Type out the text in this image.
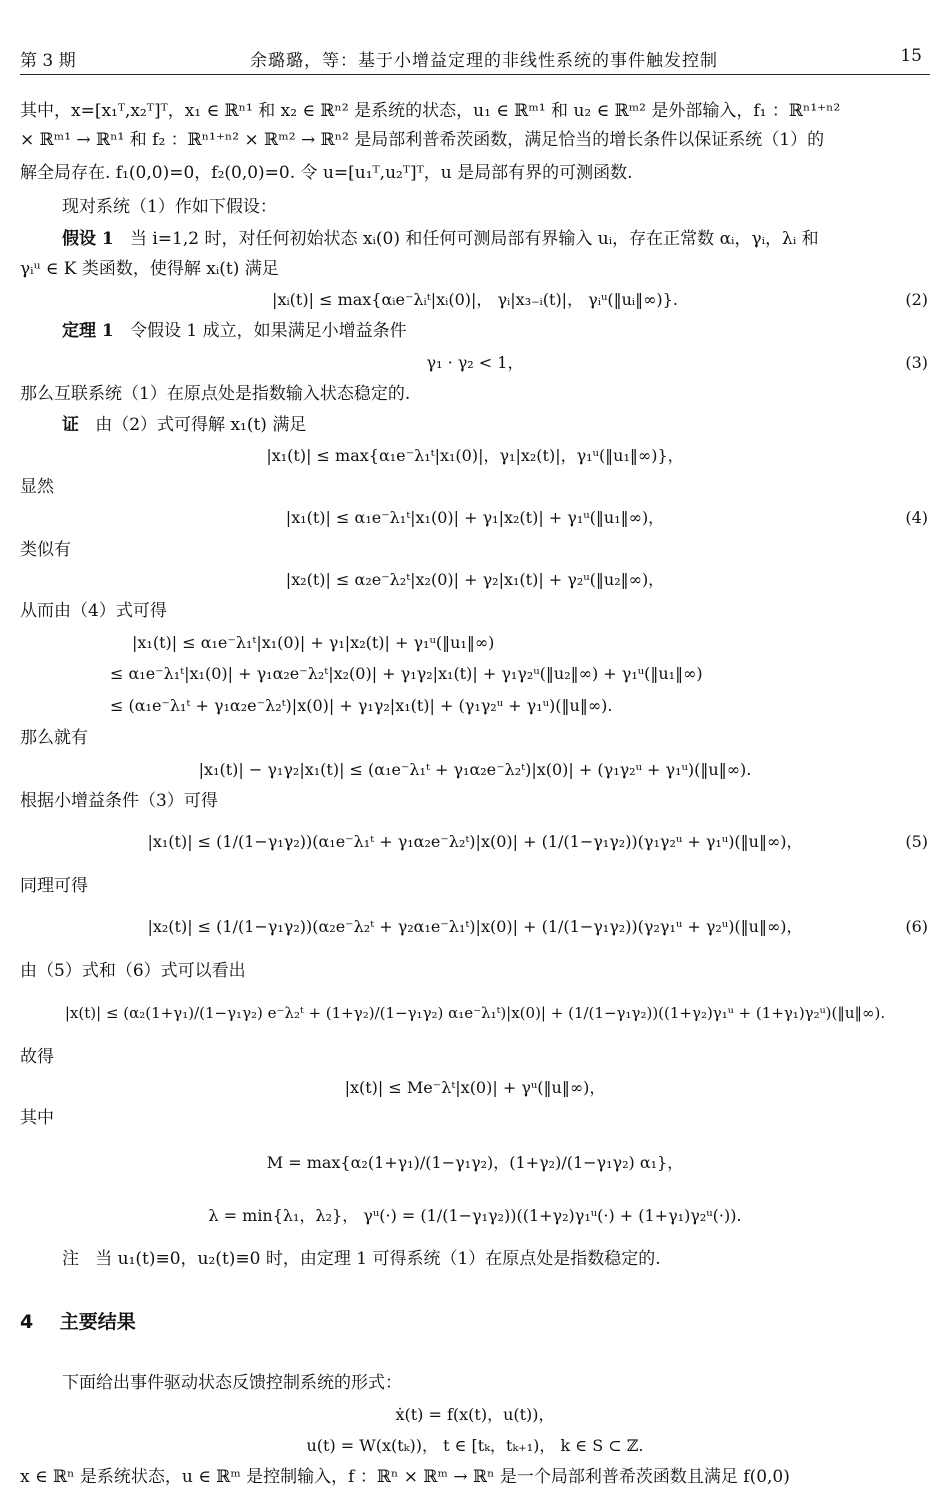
第 3 期	余璐璐，等：基于小增益定理的非线性系统的事件触发控制	15
其中，x=[x₁ᵀ,x₂ᵀ]ᵀ，x₁ ∈ ℝⁿ¹ 和 x₂ ∈ ℝⁿ² 是系统的状态，u₁ ∈ ℝᵐ¹ 和 u₂ ∈ ℝᵐ² 是外部输入，f₁ ：ℝⁿ¹⁺ⁿ²
× ℝᵐ¹ → ℝⁿ¹ 和 f₂ ：ℝⁿ¹⁺ⁿ² × ℝᵐ² → ℝⁿ² 是局部利普希茨函数，满足恰当的增长条件以保证系统（1）的
解全局存在. f₁(0,0)=0，f₂(0,0)=0. 令 u=[u₁ᵀ,u₂ᵀ]ᵀ，u 是局部有界的可测函数.
现对系统（1）作如下假设：
假设 1 当 i=1,2 时，对任何初始状态 xᵢ(0) 和任何可测局部有界输入 uᵢ，存在正常数 αᵢ，γᵢ，λᵢ 和
γᵢᵘ ∈ K 类函数，使得解 xᵢ(t) 满足
|xᵢ(t)| ≤ max{αᵢe⁻λᵢᵗ|xᵢ(0)|， γᵢ|x₃₋ᵢ(t)|， γᵢᵘ(‖uᵢ‖∞)}.	(2)
定理 1 令假设 1 成立，如果满足小增益条件
γ₁ · γ₂ < 1，	(3)
那么互联系统（1）在原点处是指数输入状态稳定的.
证 由（2）式可得解 x₁(t) 满足
|x₁(t)| ≤ max{α₁e⁻λ₁ᵗ|x₁(0)|，γ₁|x₂(t)|，γ₁ᵘ(‖u₁‖∞)}，
显然
|x₁(t)| ≤ α₁e⁻λ₁ᵗ|x₁(0)| + γ₁|x₂(t)| + γ₁ᵘ(‖u₁‖∞)，	(4)
类似有
|x₂(t)| ≤ α₂e⁻λ₂ᵗ|x₂(0)| + γ₂|x₁(t)| + γ₂ᵘ(‖u₂‖∞)，
从而由（4）式可得
|x₁(t)| ≤ α₁e⁻λ₁ᵗ|x₁(0)| + γ₁|x₂(t)| + γ₁ᵘ(‖u₁‖∞)
≤ α₁e⁻λ₁ᵗ|x₁(0)| + γ₁α₂e⁻λ₂ᵗ|x₂(0)| + γ₁γ₂|x₁(t)| + γ₁γ₂ᵘ(‖u₂‖∞) + γ₁ᵘ(‖u₁‖∞)
≤ (α₁e⁻λ₁ᵗ + γ₁α₂e⁻λ₂ᵗ)|x(0)| + γ₁γ₂|x₁(t)| + (γ₁γ₂ᵘ + γ₁ᵘ)(‖u‖∞).
那么就有
|x₁(t)| − γ₁γ₂|x₁(t)| ≤ (α₁e⁻λ₁ᵗ + γ₁α₂e⁻λ₂ᵗ)|x(0)| + (γ₁γ₂ᵘ + γ₁ᵘ)(‖u‖∞).
根据小增益条件（3）可得
|x₁(t)| ≤ (1/(1−γ₁γ₂))(α₁e⁻λ₁ᵗ + γ₁α₂e⁻λ₂ᵗ)|x(0)| + (1/(1−γ₁γ₂))(γ₁γ₂ᵘ + γ₁ᵘ)(‖u‖∞)，	(5)
同理可得
|x₂(t)| ≤ (1/(1−γ₁γ₂))(α₂e⁻λ₂ᵗ + γ₂α₁e⁻λ₁ᵗ)|x(0)| + (1/(1−γ₁γ₂))(γ₂γ₁ᵘ + γ₂ᵘ)(‖u‖∞)，	(6)
由（5）式和（6）式可以看出
|x(t)| ≤ (α₂(1+γ₁)/(1−γ₁γ₂) e⁻λ₂ᵗ + (1+γ₂)/(1−γ₁γ₂) α₁e⁻λ₁ᵗ)|x(0)| + (1/(1−γ₁γ₂))((1+γ₂)γ₁ᵘ + (1+γ₁)γ₂ᵘ)(‖u‖∞).
故得
|x(t)| ≤ Me⁻λᵗ|x(0)| + γᵘ(‖u‖∞)，
其中
M = max{α₂(1+γ₁)/(1−γ₁γ₂)，(1+γ₂)/(1−γ₁γ₂) α₁}，
λ = min{λ₁，λ₂}， γᵘ(·) = (1/(1−γ₁γ₂))((1+γ₂)γ₁ᵘ(·) + (1+γ₁)γ₂ᵘ(·)).
注 当 u₁(t)≡0，u₂(t)≡0 时，由定理 1 可得系统（1）在原点处是指数稳定的.
4 主要结果
下面给出事件驱动状态反馈控制系统的形式：
ẋ(t) = f(x(t)，u(t))，
u(t) = W(x(tₖ))， t ∈ [tₖ，tₖ₊₁)， k ∈ S ⊂ ℤ.
x ∈ ℝⁿ 是系统状态，u ∈ ℝᵐ 是控制输入，f ：ℝⁿ × ℝᵐ → ℝⁿ 是一个局部利普希茨函数且满足 f(0,0)
